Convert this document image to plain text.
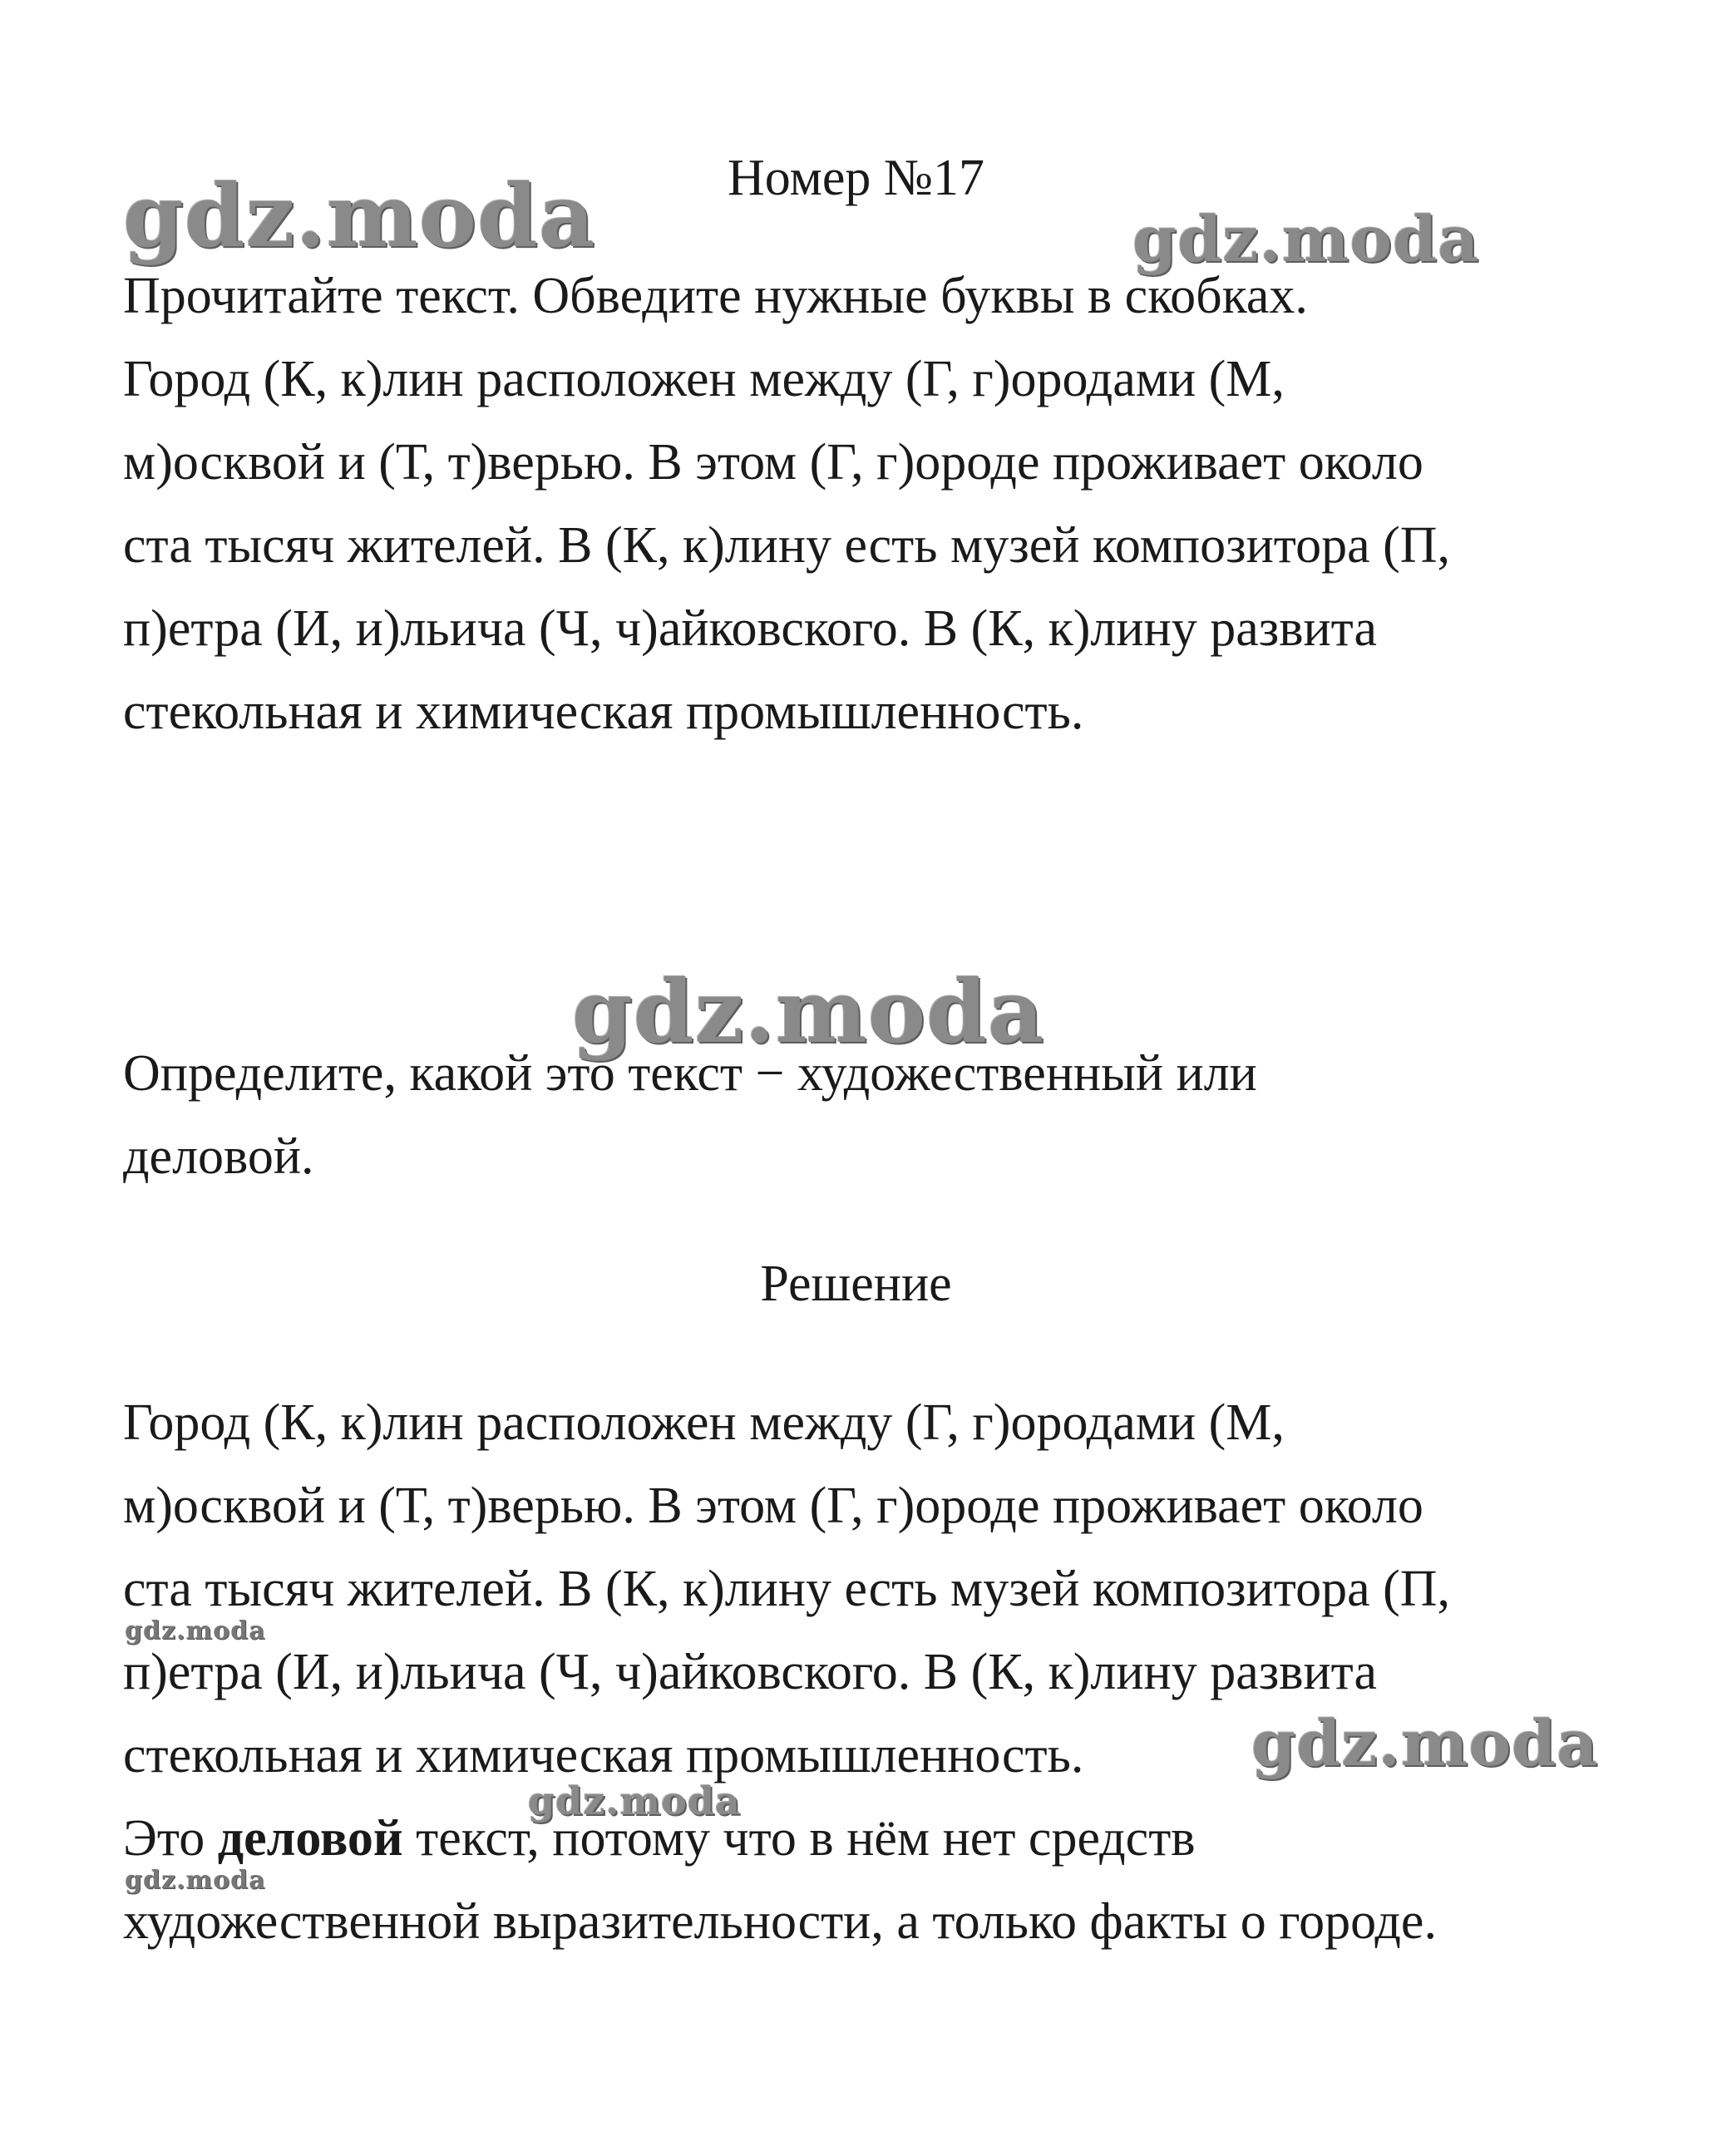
Номер №17
gdz.moda	gdz.moda
Прочитайте текст. Обведите нужные буквы в скобках.
Город (К, к)лин расположен между (Г, г)ородами (М,
м)осквой и (Т, т)верью. В этом (Г, г)ороде проживает около
ста тысяч жителей. В (К, к)лину есть музей композитора (П,
п)етра (И, и)льича (Ч, ч)айковского. В (К, к)лину развита
стекольная и химическая промышленность.
gdz.moda
Определите, какой это текст − художественный или
деловой.
Решение
Город (К, к)лин расположен между (Г, г)ородами (М,
м)осквой и (Т, т)верью. В этом (Г, г)ороде проживает около
ста тысяч жителей. В (К, к)лину есть музей композитора (П,
gdz.moda
п)етра (И, и)льича (Ч, ч)айковского. В (К, к)лину развита
стекольная и химическая промышленность.	gdz.moda
gdz.moda
Это деловой текст, потому что в нём нет средств
gdz.moda
художественной выразительности, а только факты о городе.
